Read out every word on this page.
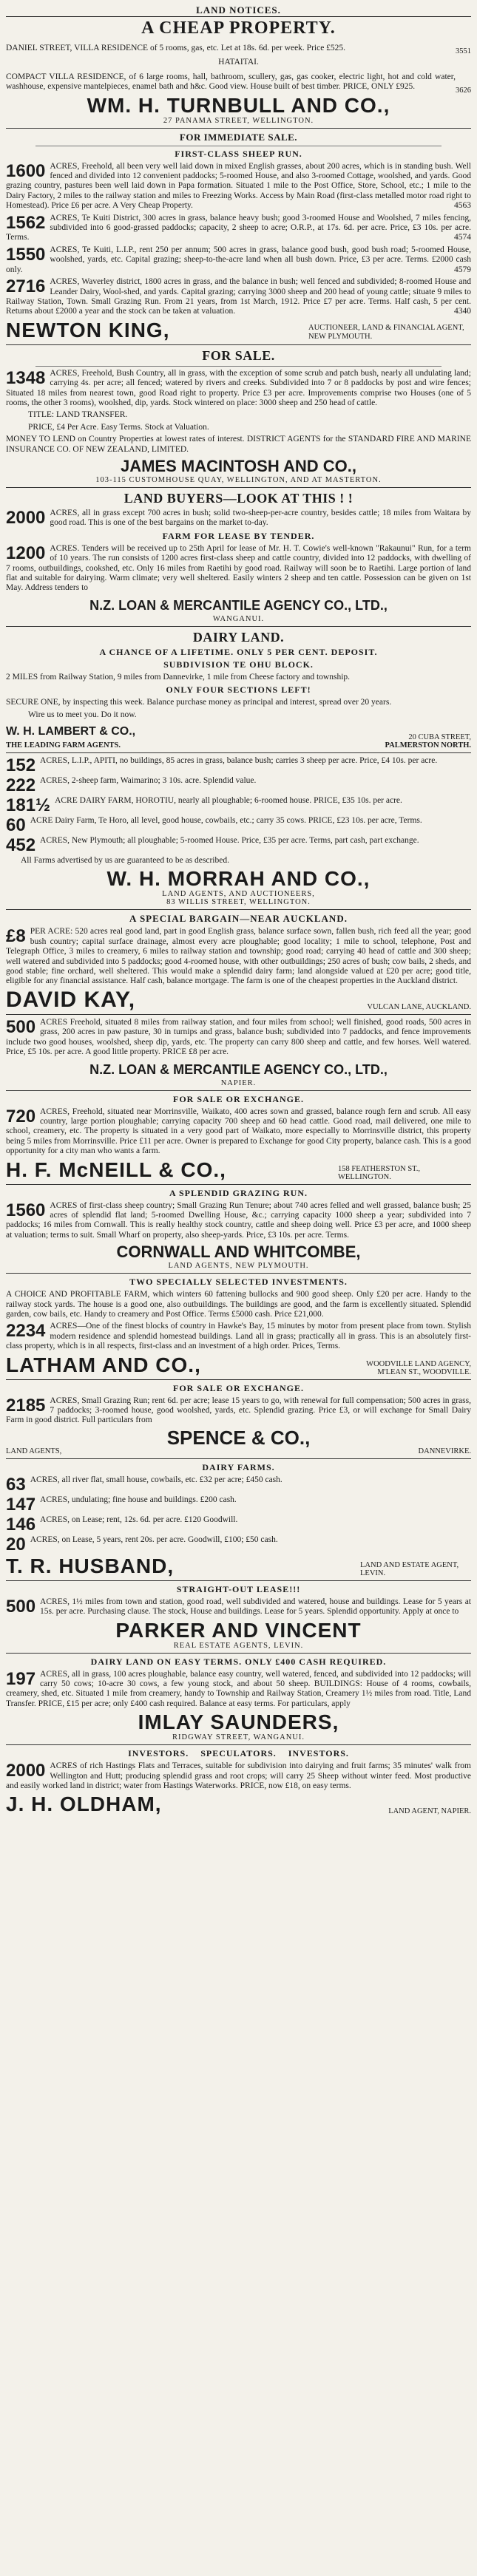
LAND NOTICES.
A CHEAP PROPERTY.
DANIEL STREET, VILLA RESIDENCE of 5 rooms, gas, etc. Let at 18s. 6d. per week. Price £525.	3551
HATAITAI.
COMPACT VILLA RESIDENCE, of 6 large rooms, hall, bathroom, scullery, gas, gas cooker, electric light, hot and cold water, washhouse, expensive mantelpieces, enamel bath and h&c. Good view. House built of best timber. PRICE, ONLY £925.	3626
WM. H. TURNBULL AND CO.,
27 PANAMA STREET, WELLINGTON.
FOR IMMEDIATE SALE.
FIRST-CLASS SHEEP RUN.
1600 ACRES, Freehold, all been very well laid down in mixed English grasses, about 200 acres, which is in standing bush. Well fenced and divided into 12 convenient paddocks; 5-roomed House, and also 3-roomed Cottage, woolshed, and yards. Good grazing country, pastures been well laid down in Papa formation. Situated 1 mile to the Post Office, Store, School, etc.; 1 mile to the Dairy Factory, 2 miles to the railway station and miles to Freezing Works. Access by Main Road (first-class metalled motor road right to Homestead). Price £6 per acre. A Very Cheap Property.	4563
1562 ACRES, Te Kuiti District, 300 acres in grass, balance heavy bush; good 3-roomed House and Woolshed, 7 miles fencing, subdivided into 6 good-grassed paddocks; capacity, 2 sheep to acre; O.R.P., at 17s. 6d. per acre. Price, £3 10s. per acre. Terms.	4574
1550 ACRES, Te Kuiti, L.I.P., rent 250 per annum; 500 acres in grass, balance good bush, good bush road; 5-roomed House, woolshed, yards, etc. Capital grazing; sheep-to-the-acre land when all bush down. Price, £3 per acre. Terms. £2000 cash only.	4579
2716 ACRES, Waverley district, 1800 acres in grass, and the balance in bush; well fenced and subdivided; 8-roomed House and Leander Dairy, Wool-shed, and yards. Capital grazing; carrying 3000 sheep and 200 head of young cattle; situate 9 miles to Railway Station, Town. Small Grazing Run. From 21 years, from 1st March, 1912. Price £7 per acre. Terms. Half cash, 5 per cent. Returns about £2000 a year and the stock can be taken at valuation.	4340
NEWTON KING,	AUCTIONEER, LAND & FINANCIAL AGENT, NEW PLYMOUTH.
FOR SALE.
1348 ACRES, Freehold, Bush Country, all in grass, with the exception of some scrub and patch bush, nearly all undulating land; carrying 4s. per acre; all fenced; watered by rivers and creeks. Subdivided into 7 or 8 paddocks by post and wire fences; Situated 18 miles from nearest town, good Road right to property. Price £3 per acre. Improvements comprise two Houses (one of 5 rooms, the other 3 rooms), woolshed, dip, yards. Stock wintered on place: 3000 sheep and 250 head of cattle.
TITLE: LAND TRANSFER.
PRICE, £4 Per Acre. Easy Terms. Stock at Valuation.
MONEY TO LEND on Country Properties at lowest rates of interest. DISTRICT AGENTS for the STANDARD FIRE AND MARINE INSURANCE CO. OF NEW ZEALAND, LIMITED.
JAMES MACINTOSH AND CO.,
103-115 CUSTOMHOUSE QUAY, WELLINGTON, AND AT MASTERTON.
LAND BUYERS—LOOK AT THIS ! !
2000 ACRES, all in grass except 700 acres in bush; solid two-sheep-per-acre country, besides cattle; 18 miles from Waitara by good road. This is one of the best bargains on the market to-day.
FARM FOR LEASE BY TENDER.
1200 ACRES. Tenders will be received up to 25th April for lease of Mr. H. T. Cowie's well-known "Rakaunui" Run, for a term of 10 years. The run consists of 1200 acres first-class sheep and cattle country, divided into 12 paddocks, with dwelling of 7 rooms, outbuildings, cookshed, etc. Only 16 miles from Raetihi by good road. Railway will soon be to Raetihi. Large portion of land flat and suitable for dairying. Warm climate; very well sheltered. Easily winters 2 sheep and ten cattle. Possession can be given on 1st May. Address tenders to
N.Z. LOAN & MERCANTILE AGENCY CO., LTD.,
WANGANUI.
DAIRY LAND.
A CHANCE OF A LIFETIME. ONLY 5 PER CENT. DEPOSIT.
SUBDIVISION TE OHU BLOCK.
2 MILES from Railway Station, 9 miles from Dannevirke, 1 mile from Cheese factory and township.
ONLY FOUR SECTIONS LEFT!
SECURE ONE, by inspecting this week. Balance purchase money as principal and interest, spread over 20 years.
Wire us to meet you. Do it now.
W. H. LAMBERT & CO.,
THE LEADING FARM AGENTS.
20 CUBA STREET,
PALMERSTON NORTH.
152 ACRES, L.I.P., APITI, no buildings, 85 acres in grass, balance bush; carries 3 sheep per acre. Price, £4 10s. per acre.
222 ACRES, 2-sheep farm, Waimarino; 3 10s. acre. Splendid value.
181½ ACRE DAIRY FARM, HOROTIU, nearly all ploughable; 6-roomed house. PRICE, £35 10s. per acre.
60 ACRE Dairy Farm, Te Horo, all level, good house, cowbails, etc.; carry 35 cows. PRICE, £23 10s. per acre, Terms.
452 ACRES, New Plymouth; all ploughable; 5-roomed House. Price, £35 per acre. Terms, part cash, part exchange.
All Farms advertised by us are guaranteed to be as described.
W. H. MORRAH AND CO.,
LAND AGENTS, AND AUCTIONEERS,
83 WILLIS STREET, WELLINGTON.
A SPECIAL BARGAIN—NEAR AUCKLAND.
£8 PER ACRE: 520 acres real good land, part in good English grass, balance surface sown, fallen bush, rich feed all the year; good bush country; capital surface drainage, almost every acre ploughable; good locality; 1 mile to school, telephone, Post and Telegraph Office, 3 miles to creamery, 6 miles to railway station and township; good road; carrying 40 head of cattle and 300 sheep; well watered and subdivided into 5 paddocks; good 4-roomed house, with other outbuildings; 250 acres of bush; cow bails, 2 sheds, and good stable; fine orchard, well sheltered. This would make a splendid dairy farm; land alongside valued at £20 per acre; good title, eligible for any financial assistance. Half cash, balance mortgage. The farm is one of the cheapest properties in the Auckland district.
DAVID KAY,	VULCAN LANE, AUCKLAND.
500 ACRES Freehold, situated 8 miles from railway station, and four miles from school; well finished, good roads, 500 acres in grass, 200 acres in paw pasture, 30 in turnips and grass, balance bush; subdivided into 7 paddocks, and fence improvements include two good houses, woolshed, sheep dip, yards, etc. The property can carry 800 sheep and cattle, and few horses. Well watered. Price, £5 10s. per acre. A good little property. PRICE £8 per acre.
N.Z. LOAN & MERCANTILE AGENCY CO., LTD.,
NAPIER.
FOR SALE OR EXCHANGE.
720 ACRES, Freehold, situated near Morrinsville, Waikato, 400 acres sown and grassed, balance rough fern and scrub. All easy country, large portion ploughable; carrying capacity 700 sheep and 60 head cattle. Good road, mail delivered, one mile to school, creamery, etc. The property is situated in a very good part of Waikato, more especially to Morrinsville district, this property being 5 miles from Morrinsville. Price £11 per acre. Owner is prepared to Exchange for good City property, balance cash. This is a good opportunity for a city man who wants a farm.
H. F. McNEILL & CO.,	158 FEATHERSTON ST., WELLINGTON.
A SPLENDID GRAZING RUN.
1560 ACRES of first-class sheep country; Small Grazing Run Tenure; about 740 acres felled and well grassed, balance bush; 25 acres of splendid flat land; 5-roomed Dwelling House, &c.; carrying capacity 1000 sheep a year; subdivided into 7 paddocks; 16 miles from Cornwall. This is really healthy stock country, cattle and sheep doing well. Price £3 per acre, and 1000 sheep at valuation; terms to suit. Small Wharf on property, also sheep-yards. Price, £3 10s. per acre. Terms.
CORNWALL AND WHITCOMBE,
LAND AGENTS, NEW PLYMOUTH.
TWO SPECIALLY SELECTED INVESTMENTS.
A CHOICE AND PROFITABLE FARM, which winters 60 fattening bullocks and 900 good sheep. Only £20 per acre. Handy to the railway stock yards. The house is a good one, also outbuildings. The buildings are good, and the farm is excellently situated. Splendid garden, cow bails, etc. Handy to creamery and Post Office. Terms £5000 cash. Price £21,000.
2234 ACRES—One of the finest blocks of country in Hawke's Bay, 15 minutes by motor from present place from town. Stylish modern residence and splendid homestead buildings. Land all in grass; practically all in grass. This is an absolutely first-class property, which is in all respects, first-class and an investment of a high order. Prices, Terms.
LATHAM AND CO.,	WOODVILLE LAND AGENCY,
M'LEAN ST., WOODVILLE.
FOR SALE OR EXCHANGE.
2185 ACRES, Small Grazing Run; rent 6d. per acre; lease 15 years to go, with renewal for full compensation; 500 acres in grass, 7 paddocks; 3-roomed house, good woolshed, yards, etc. Splendid grazing. Price £3, or will exchange for Small Dairy Farm in good district. Full particulars from
SPENCE & CO.,
LAND AGENTS,	DANNEVIRKE.
DAIRY FARMS.
63 ACRES, all river flat, small house, cowbails, etc. £32 per acre; £450 cash.
147 ACRES, undulating; fine house and buildings. £200 cash.
146 ACRES, on Lease; rent, 12s. 6d. per acre. £120 Goodwill.
20 ACRES, on Lease, 5 years, rent 20s. per acre. Goodwill, £100; £50 cash.
T. R. HUSBAND,	LAND AND ESTATE AGENT, LEVIN.
STRAIGHT-OUT LEASE!!!
500 ACRES, 1½ miles from town and station, good road, well subdivided and watered, house and buildings. Lease for 5 years at 15s. per acre. Purchasing clause. The stock, House and buildings. Lease for 5 years. Splendid opportunity. Apply at once to
PARKER AND VINCENT
REAL ESTATE AGENTS, LEVIN.
DAIRY LAND ON EASY TERMS. ONLY £400 CASH REQUIRED.
197 ACRES, all in grass, 100 acres ploughable, balance easy country, well watered, fenced, and subdivided into 12 paddocks; will carry 50 cows; 10-acre 30 cows, a few young stock, and about 50 sheep. BUILDINGS: House of 4 rooms, cowbails, creamery, shed, etc. Situated 1 mile from creamery, handy to Township and Railway Station, Creamery 1½ miles from road. Title, Land Transfer. PRICE, £15 per acre; only £400 cash required. Balance at easy terms. For particulars, apply
IMLAY SAUNDERS,
RIDGWAY STREET, WANGANUI.
INVESTORS.    SPECULATORS.    INVESTORS.
2000 ACRES of rich Hastings Flats and Terraces, suitable for subdivision into dairying and fruit farms; 35 minutes' walk from Wellington and Hutt; producing splendid grass and root crops; will carry 25 Sheep without winter feed. Most productive and easily worked land in district; water from Hastings Waterworks. PRICE, now £18, on easy terms.
J. H. OLDHAM,	LAND AGENT, NAPIER.
